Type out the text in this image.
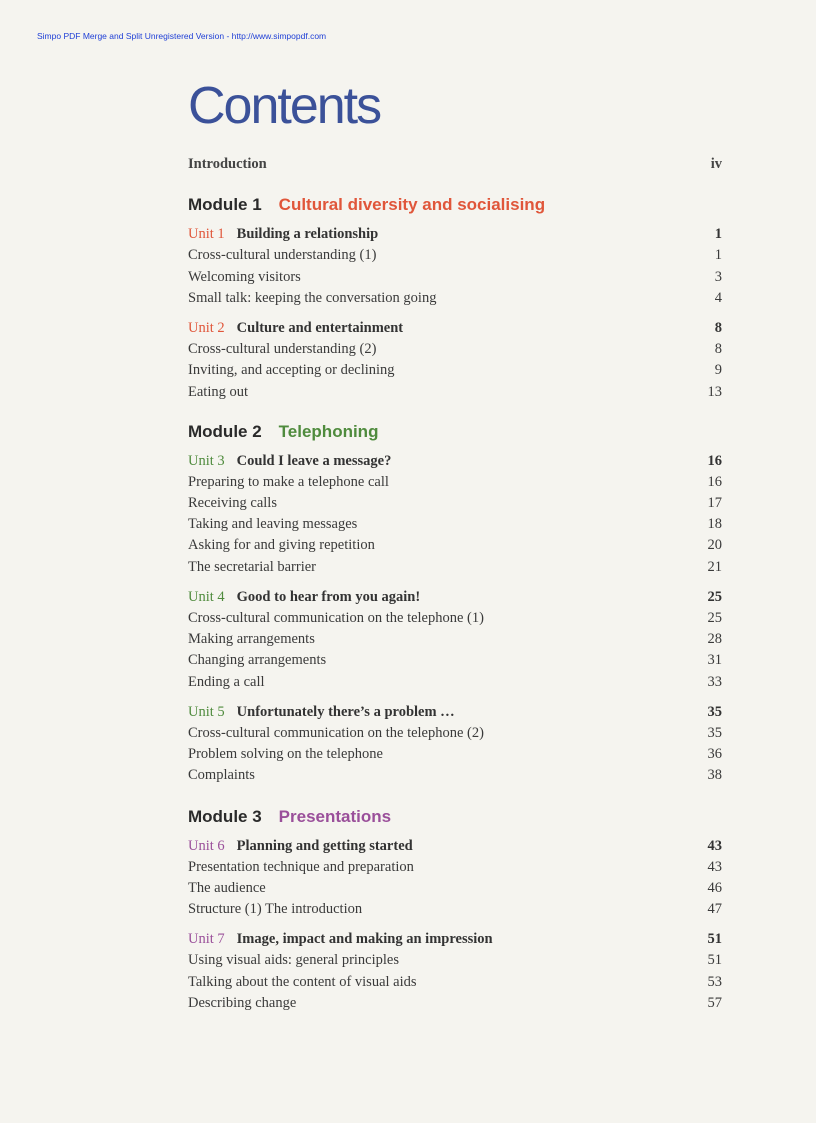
Simpo PDF Merge and Split Unregistered Version - http://www.simpopdf.com
Contents
Introduction	iv
Module 1 Cultural diversity and socialising
Unit 1 Building a relationship	1
Cross-cultural understanding (1)	1
Welcoming visitors	3
Small talk: keeping the conversation going	4
Unit 2 Culture and entertainment	8
Cross-cultural understanding (2)	8
Inviting, and accepting or declining	9
Eating out	13
Module 2 Telephoning
Unit 3 Could I leave a message?	16
Preparing to make a telephone call	16
Receiving calls	17
Taking and leaving messages	18
Asking for and giving repetition	20
The secretarial barrier	21
Unit 4 Good to hear from you again!	25
Cross-cultural communication on the telephone (1)	25
Making arrangements	28
Changing arrangements	31
Ending a call	33
Unit 5 Unfortunately there’s a problem …	35
Cross-cultural communication on the telephone (2)	35
Problem solving on the telephone	36
Complaints	38
Module 3 Presentations
Unit 6 Planning and getting started	43
Presentation technique and preparation	43
The audience	46
Structure (1) The introduction	47
Unit 7 Image, impact and making an impression	51
Using visual aids: general principles	51
Talking about the content of visual aids	53
Describing change	57
